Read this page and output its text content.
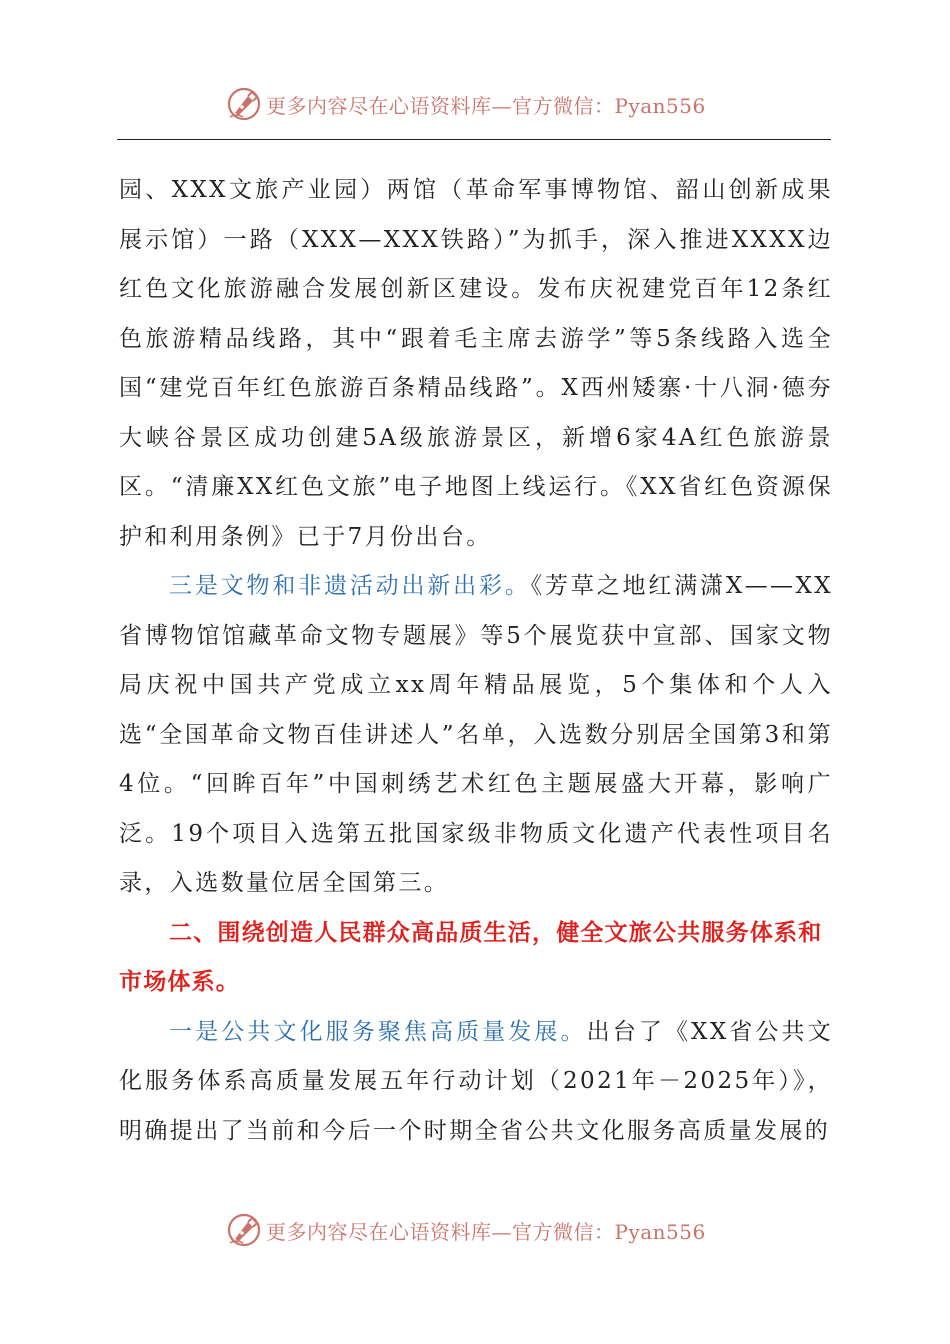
更多内容尽在心语资料库—官方微信：Pyan556

园、XXX文旅产业园）两馆（革命军事博物馆、韶山创新成果展示馆）一路（XXX—XXX铁路）”为抓手，深入推进XXXX边红色文化旅游融合发展创新区建设。发布庆祝建党百年12条红色旅游精品线路，其中“跟着毛主席去游学”等5条线路入选全国“建党百年红色旅游百条精品线路”。X西州矮寨·十八洞·德夯大峡谷景区成功创建5A级旅游景区，新增6家4A红色旅游景区。“清廉XX红色文旅”电子地图上线运行。《XX省红色资源保护和利用条例》已于7月份出台。

三是文物和非遗活动出新出彩。《芳草之地红满潇X——XX省博物馆馆藏革命文物专题展》等5个展览获中宣部、国家文物局庆祝中国共产党成立xx周年精品展览，5个集体和个人入选“全国革命文物百佳讲述人”名单，入选数分别居全国第3和第4位。“回眸百年”中国刺绣艺术红色主题展盛大开幕，影响广泛。19个项目入选第五批国家级非物质文化遗产代表性项目名录，入选数量位居全国第三。

二、围绕创造人民群众高品质生活，健全文旅公共服务体系和市场体系。

一是公共文化服务聚焦高质量发展。出台了《XX省公共文化服务体系高质量发展五年行动计划（2021年－2025年）》，明确提出了当前和今后一个时期全省公共文化服务高质量发展的

更多内容尽在心语资料库—官方微信：Pyan556
